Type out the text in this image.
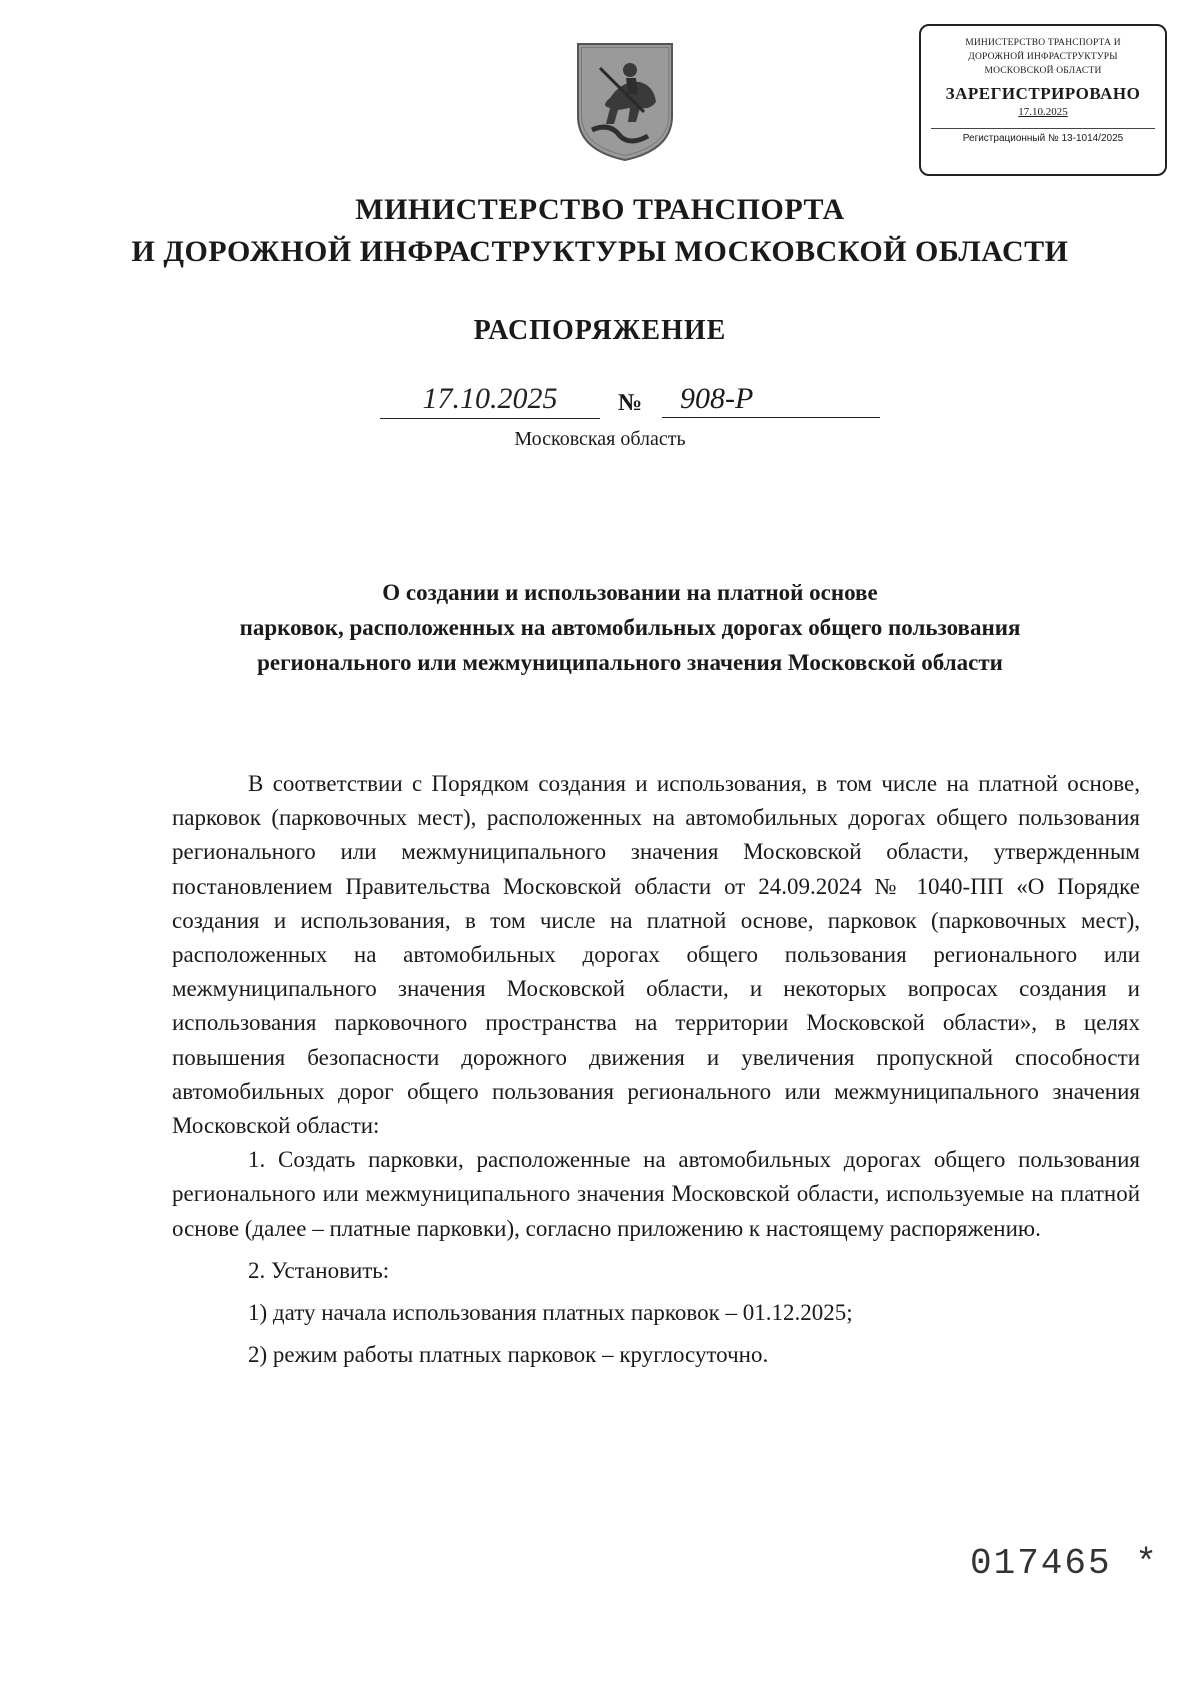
МИНИСТЕРСТВО ТРАНСПОРТА И
ДОРОЖНОЙ ИНФРАСТРУКТУРЫ
МОСКОВСКОЙ ОБЛАСТИ
ЗАРЕГИСТРИРОВАНО
17.10.2025
Регистрационный № 13-1014/2025
МИНИСТЕРСТВО ТРАНСПОРТА
И ДОРОЖНОЙ ИНФРАСТРУКТУРЫ МОСКОВСКОЙ ОБЛАСТИ
РАСПОРЯЖЕНИЕ
17.10.2025	№	908-Р
Московская область
О создании и использовании на платной основе
парковок, расположенных на автомобильных дорогах общего пользования
регионального или межмуниципального значения Московской области

В соответствии с Порядком создания и использования, в том числе на платной основе, парковок (парковочных мест), расположенных на автомобильных дорогах общего пользования регионального или межмуниципального значения Московской области, утвержденным постановлением Правительства Московской области от 24.09.2024 № 1040-ПП «О Порядке создания и использования, в том числе на платной основе, парковок (парковочных мест), расположенных на автомобильных дорогах общего пользования регионального или межмуниципального значения Московской области, и некоторых вопросах создания и использования парковочного пространства на территории Московской области», в целях повышения безопасности дорожного движения и увеличения пропускной способности автомобильных дорог общего пользования регионального или межмуниципального значения Московской области:

1. Создать парковки, расположенные на автомобильных дорогах общего пользования регионального или межмуниципального значения Московской области, используемые на платной основе (далее – платные парковки), согласно приложению к настоящему распоряжению.

2. Установить:

1) дату начала использования платных парковок – 01.12.2025;

2) режим работы платных парковок – круглосуточно.

017465 *
